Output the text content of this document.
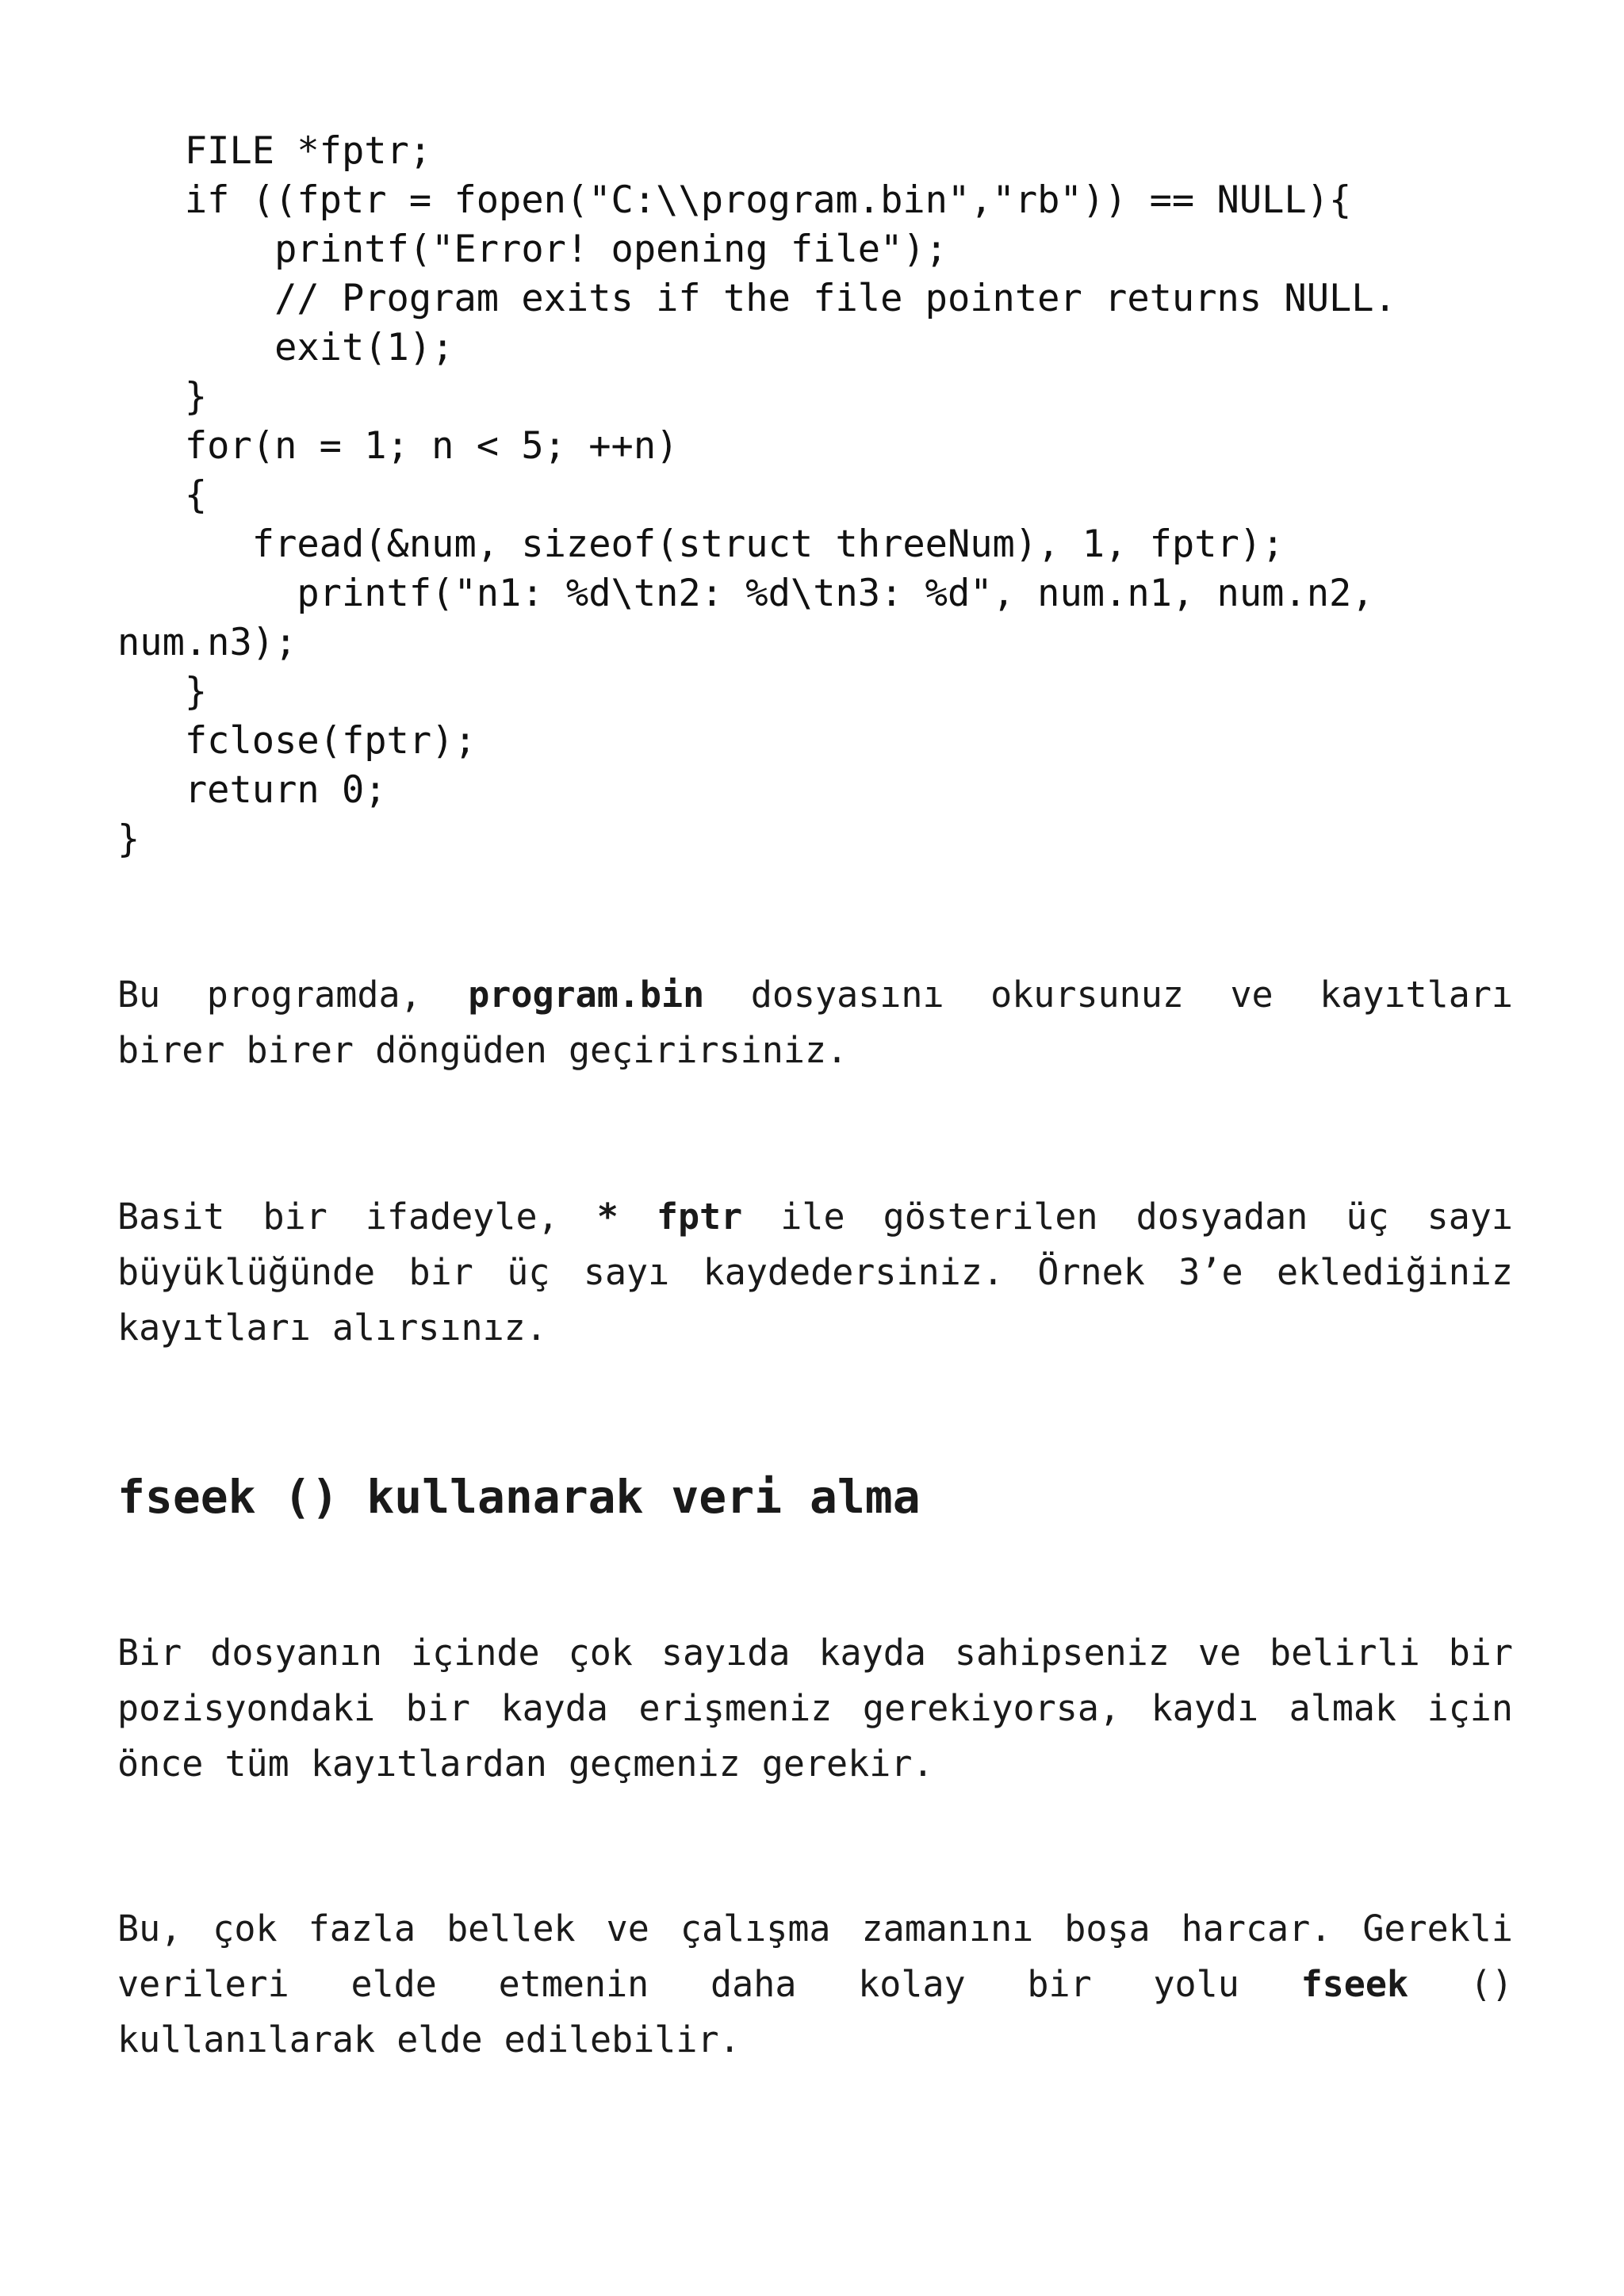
FILE *fptr;
if ((fptr = fopen("C:\\program.bin","rb")) == NULL){
printf("Error! opening file");
// Program exits if the file pointer returns NULL.
exit(1);
}
for(n = 1; n < 5; ++n)
{
fread(&num, sizeof(struct threeNum), 1, fptr);
printf("n1: %d\tn2: %d\tn3: %d", num.n1, num.n2,
num.n3);
}
fclose(fptr);
return 0;
}
Bu programda, program.bin dosyasını okursunuz ve kayıtları
birer birer döngüden geçirirsiniz.
Basit bir ifadeyle, * fptr ile gösterilen dosyadan üç sayı
büyüklüğünde bir üç sayı kaydedersiniz. Örnek 3’e eklediğiniz
kayıtları alırsınız.
fseek () kullanarak veri alma
Bir dosyanın içinde çok sayıda kayda sahipseniz ve belirli bir
pozisyondaki bir kayda erişmeniz gerekiyorsa, kaydı almak için
önce tüm kayıtlardan geçmeniz gerekir.
Bu, çok fazla bellek ve çalışma zamanını boşa harcar. Gerekli
verileri elde etmenin daha kolay bir yolu fseek ()
kullanılarak elde edilebilir.
